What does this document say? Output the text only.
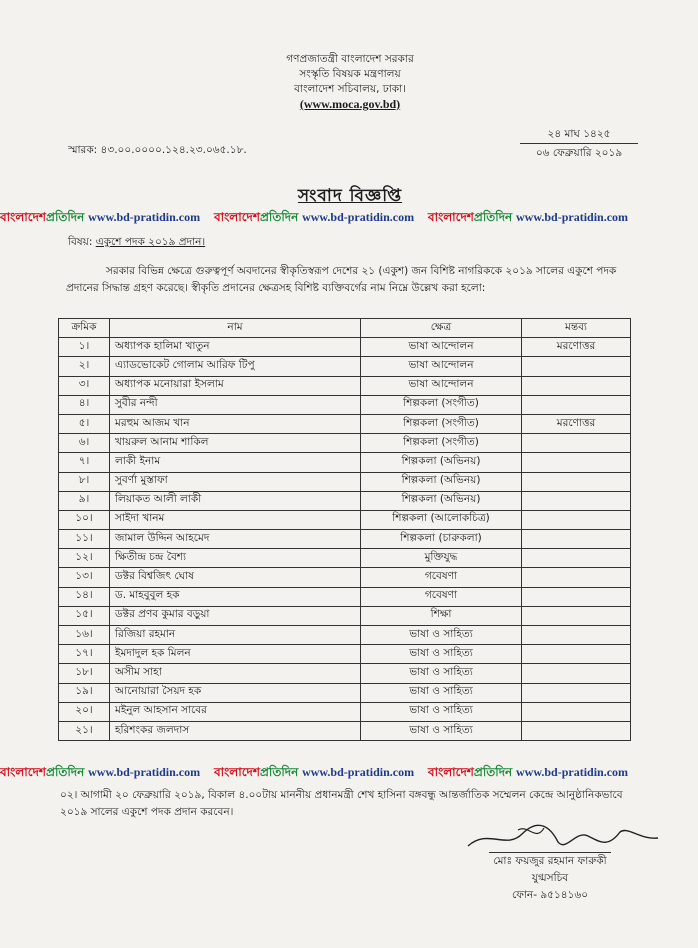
গণপ্রজাতন্ত্রী বাংলাদেশ সরকার
সংস্কৃতি বিষয়ক মন্ত্রণালয়
বাংলাদেশ সচিবালয়, ঢাকা।
(www.moca.gov.bd)
২৪ মাঘ ১৪২৫
০৬ ফেব্রুয়ারি ২০১৯
স্মারক: ৪৩.০০.০০০০.১২৪.২৩.০৬৫.১৮.
সংবাদ বিজ্ঞপ্তি
বাংলাদেশপ্রতিদিন www.bd-pratidin.com বাংলাদেশপ্রতিদিন www.bd-pratidin.com বাংলাদেশপ্রতিদিন www.bd-pratidin.com
বিষয়: একুশে পদক ২০১৯ প্রদান।
সরকার বিভিন্ন ক্ষেত্রে গুরুত্বপূর্ণ অবদানের স্বীকৃতিস্বরূপ দেশের ২১ (একুশ) জন বিশিষ্ট নাগরিককে ২০১৯ সালের একুশে পদক প্রদানের সিদ্ধান্ত গ্রহণ করেছে। স্বীকৃতি প্রদানের ক্ষেত্রসহ বিশিষ্ট ব্যক্তিবর্গের নাম নিম্নে উল্লেখ করা হলো:
ক্রমিক	নাম	ক্ষেত্র	মন্তব্য
১।	অধ্যাপক হালিমা খাতুন	ভাষা আন্দোলন	মরণোত্তর
২।	এ্যাডভোকেট গোলাম আরিফ টিপু	ভাষা আন্দোলন	
৩।	অধ্যাপক মনোয়ারা ইসলাম	ভাষা আন্দোলন	
৪।	সুবীর নন্দী	শিল্পকলা (সংগীত)	
৫।	মরহুম আজম খান	শিল্পকলা (সংগীত)	মরণোত্তর
৬।	খায়রুল আনাম শাকিল	শিল্পকলা (সংগীত)	
৭।	লাকী ইনাম	শিল্পকলা (অভিনয়)	
৮।	সুবর্ণা মুস্তাফা	শিল্পকলা (অভিনয়)	
৯।	লিয়াকত আলী লাকী	শিল্পকলা (অভিনয়)	
১০।	সাইদা খানম	শিল্পকলা (আলোকচিত্র)	
১১।	জামাল উদ্দিন আহমেদ	শিল্পকলা (চারুকলা)	
১২।	ক্ষিতীন্দ্র চন্দ্র বৈশ্য	মুক্তিযুদ্ধ	
১৩।	ডক্টর বিশ্বজিৎ ঘোষ	গবেষণা	
১৪।	ড. মাহবুবুল হক	গবেষণা	
১৫।	ডক্টর প্রণব কুমার বড়ুয়া	শিক্ষা	
১৬।	রিজিয়া রহমান	ভাষা ও সাহিত্য	
১৭।	ইমদাদুল হক মিলন	ভাষা ও সাহিত্য	
১৮।	অসীম সাহা	ভাষা ও সাহিত্য	
১৯।	আনোয়ারা সৈয়দ হক	ভাষা ও সাহিত্য	
২০।	মইনুল আহসান সাবের	ভাষা ও সাহিত্য	
২১।	হরিশংকর জলদাস	ভাষা ও সাহিত্য	
বাংলাদেশপ্রতিদিন www.bd-pratidin.com বাংলাদেশপ্রতিদিন www.bd-pratidin.com বাংলাদেশপ্রতিদিন www.bd-pratidin.com
০২। আগামী ২০ ফেব্রুয়ারি ২০১৯, বিকাল ৪.০০টায় মাননীয় প্রধানমন্ত্রী শেখ হাসিনা বঙ্গবন্ধু আন্তর্জাতিক সম্মেলন কেন্দ্রে আনুষ্ঠানিকভাবে ২০১৯ সালের একুশে পদক প্রদান করবেন।
মোঃ ফয়জুর রহমান ফারুকী
যুগ্মসচিব
ফোন- ৯৫১৪১৬০
